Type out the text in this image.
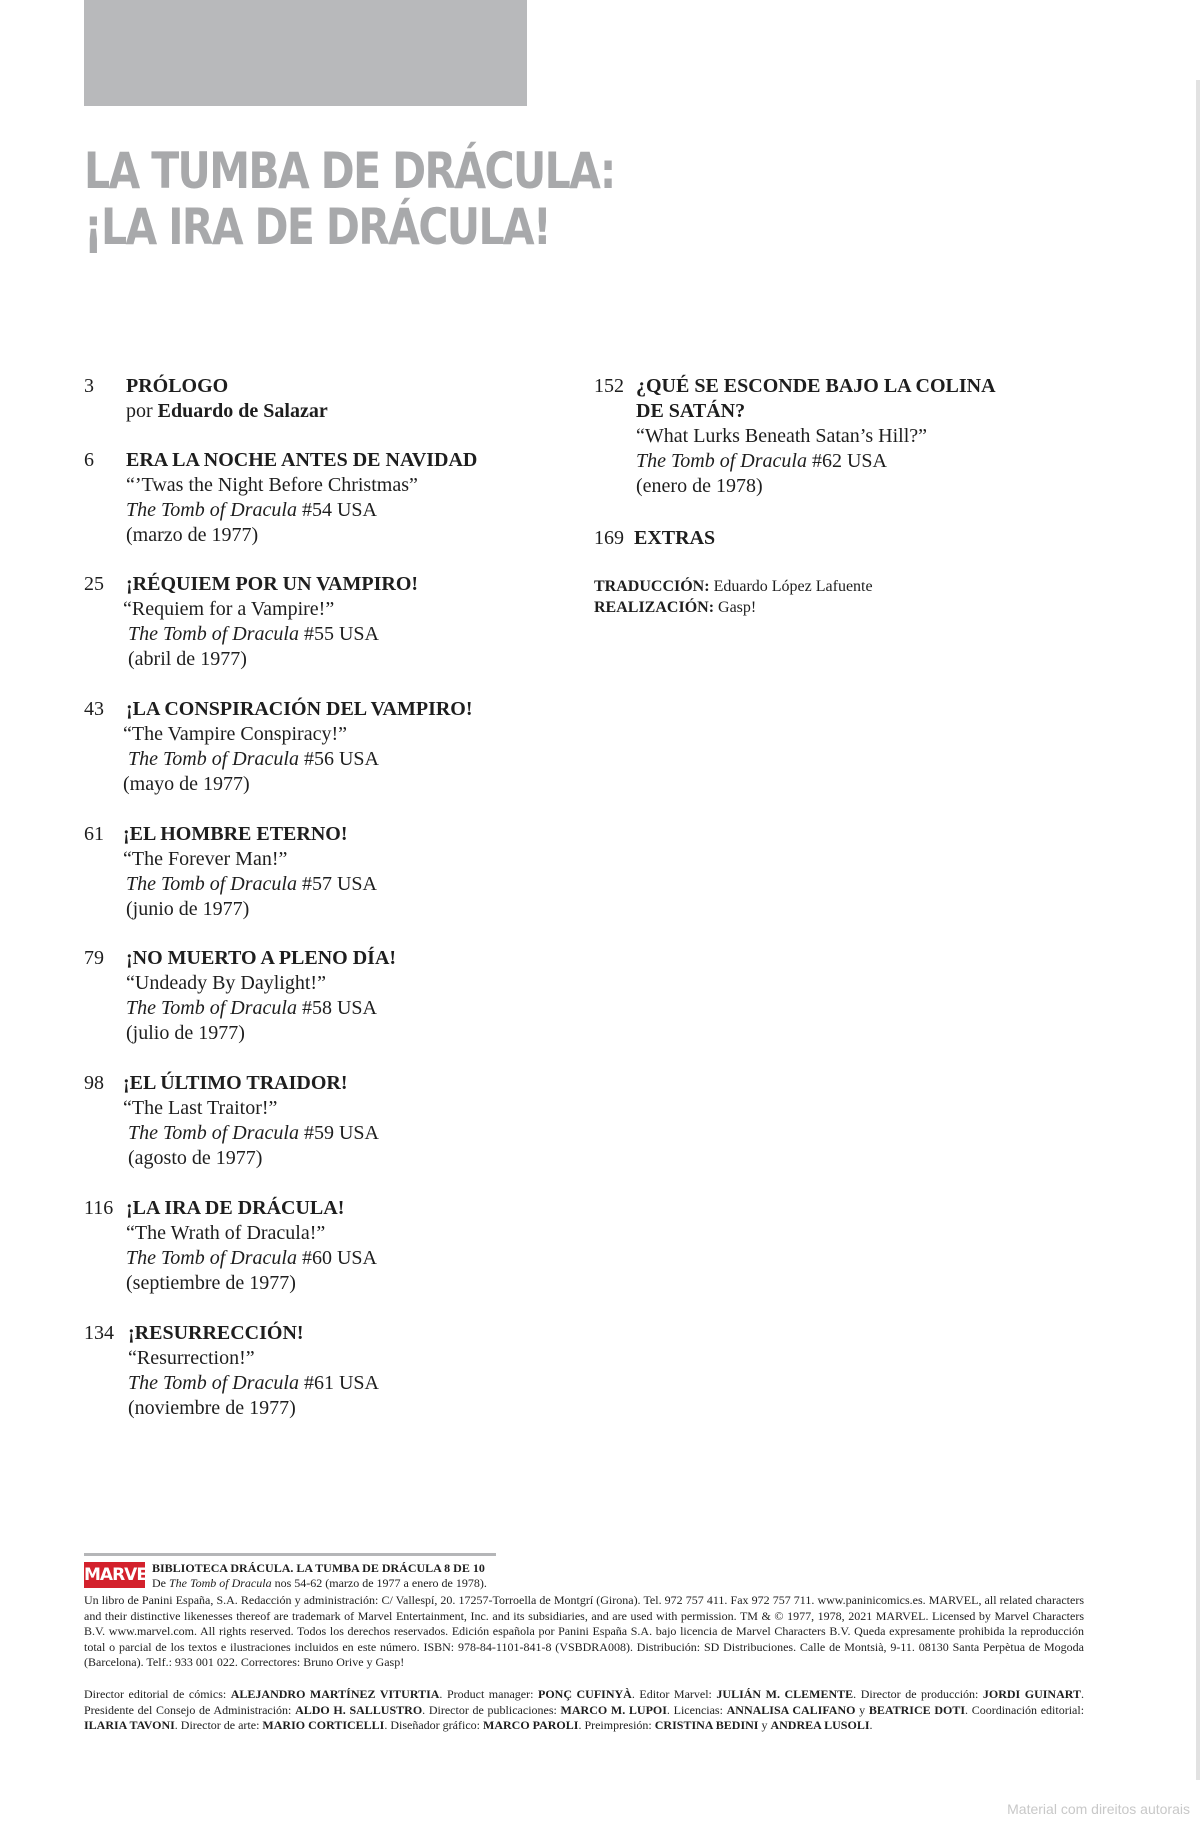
LA TUMBA DE DRÁCULA:
¡LA IRA DE DRÁCULA!
3 PRÓLOGO
por Eduardo de Salazar
6 ERA LA NOCHE ANTES DE NAVIDAD
“’Twas the Night Before Christmas”
The Tomb of Dracula #54 USA
(marzo de 1977)
25 ¡RÉQUIEM POR UN VAMPIRO!
“Requiem for a Vampire!”
The Tomb of Dracula #55 USA
(abril de 1977)
43 ¡LA CONSPIRACIÓN DEL VAMPIRO!
“The Vampire Conspiracy!”
The Tomb of Dracula #56 USA
(mayo de 1977)
61 ¡EL HOMBRE ETERNO!
“The Forever Man!”
The Tomb of Dracula #57 USA
(junio de 1977)
79 ¡NO MUERTO A PLENO DÍA!
“Undeady By Daylight!”
The Tomb of Dracula #58 USA
(julio de 1977)
98 ¡EL ÚLTIMO TRAIDOR!
“The Last Traitor!”
The Tomb of Dracula #59 USA
(agosto de 1977)
116 ¡LA IRA DE DRÁCULA!
“The Wrath of Dracula!”
The Tomb of Dracula #60 USA
(septiembre de 1977)
134 ¡RESURRECCIÓN!
“Resurrection!”
The Tomb of Dracula #61 USA
(noviembre de 1977)
152 ¿QUÉ SE ESCONDE BAJO LA COLINA
DE SATÁN?
“What Lurks Beneath Satan’s Hill?”
The Tomb of Dracula #62 USA
(enero de 1978)
169 EXTRAS
TRADUCCIÓN: Eduardo López Lafuente
REALIZACIÓN: Gasp!
MARVEL
BIBLIOTECA DRÁCULA. LA TUMBA DE DRÁCULA 8 DE 10
De The Tomb of Dracula nos 54-62 (marzo de 1977 a enero de 1978).
Un libro de Panini España, S.A. Redacción y administración: C/ Vallespí, 20. 17257-Torroella de Montgrí (Girona). Tel. 972 757 411. Fax 972 757 711. www.paninicomics.es. MARVEL, all related characters and their distinctive likenesses thereof are trademark of Marvel Entertainment, Inc. and its subsidiaries, and are used with permission. TM & © 1977, 1978, 2021 MARVEL. Licensed by Marvel Characters B.V. www.marvel.com. All rights reserved. Todos los derechos reservados. Edición española por Panini España S.A. bajo licencia de Marvel Characters B.V. Queda expresamente prohibida la reproducción total o parcial de los textos e ilustraciones incluidos en este número. ISBN: 978-84-1101-841-8 (VSBDRA008). Distribución: SD Distribuciones. Calle de Montsià, 9-11. 08130 Santa Perpètua de Mogoda (Barcelona). Telf.: 933 001 022. Correctores: Bruno Orive y Gasp!
Director editorial de cómics: ALEJANDRO MARTÍNEZ VITURTIA. Product manager: PONÇ CUFINYÀ. Editor Marvel: JULIÁN M. CLEMENTE. Director de producción: JORDI GUINART. Presidente del Consejo de Administración: ALDO H. SALLUSTRO. Director de publicaciones: MARCO M. LUPOI. Licencias: ANNALISA CALIFANO y BEATRICE DOTI. Coordinación editorial: ILARIA TAVONI. Director de arte: MARIO CORTICELLI. Diseñador gráfico: MARCO PAROLI. Preimpresión: CRISTINA BEDINI y ANDREA LUSOLI.
Material com direitos autorais
